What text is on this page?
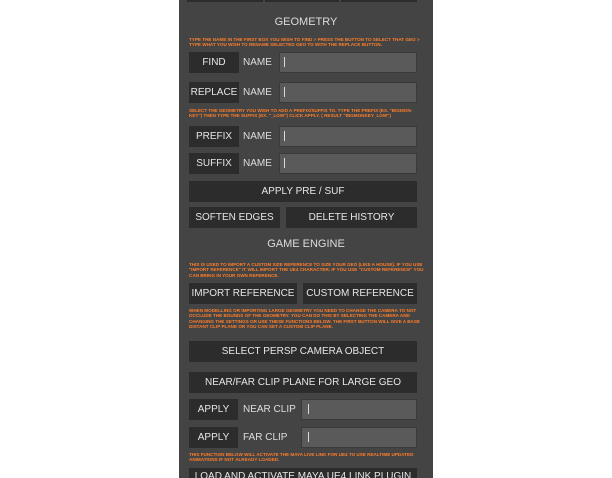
GEOMETRY
TYPE THE NAME IN THE FIRST BOX YOU WISH TO FIND > PRESS THE BUTTON TO SELECT THAT GEO > TYPE WHAT YOU WISH TO RENAME SELECTED GEO TO WITH THE REPLACE BUTTON.
FIND	NAME
REPLACE NAME
SELECT THE GEOMETRY YOU WISH TO ADD A PREFIX/SUFFIX TO. TYPE THE PREFIX (EX. "BIGMON-KEY") THEN TYPE THE SUFFIX (EX. "_LOW") CLICK APPLY. ( RESULT "BIGMONKEY_LOW")
PREFIX	NAME
SUFFIX	NAME
APPLY PRE / SUF
SOFTEN EDGES	DELETE HISTORY
GAME ENGINE
THIS IS USED TO IMPORT A CUSTOM SIZE REFERENCE TO SIZE YOUR GEO (LIKE A HOUSE). IF YOU USE "IMPORT REFERENCE" IT WILL IMPORT THE UE4 CHARACTER. IF YOU USE "CUSTOM REFERENCE" YOU CAN BRING IN YOUR OWN REFERENCE.
IMPORT REFERENCE	CUSTOM REFERENCE
WHEN MODELLING OR IMPORTING LARGE GEOMETRY YOU NEED TO CHANGE THE CAMERA TO NOT OCCLUDE THE BOUNDS OF THE GEOMETRY. YOU CAN DO THIS BY SELECTING THE CAMERA AND CHANGING THE SETTINGS OR USE THESE FUNCTIONS BELOW. THE FIRST BUTTON WILL GIVE A BASE DISTANT CLIP PLANE OR YOU CAN SET A CUSTOM CLIP PLANE.
SELECT PERSP CAMERA OBJECT
NEAR/FAR CLIP PLANE FOR LARGE GEO
APPLY	NEAR CLIP
APPLY	FAR CLIP
THIS FUNCTION BELOW WILL ACTIVATE THE MAYA LIVE LINK FOR UE4 TO USE REALTIME UPDATED ANIMATIONS IF NOT ALREADY LOADED.
LOAD AND ACTIVATE MAYA UE4 LINK PLUGIN
